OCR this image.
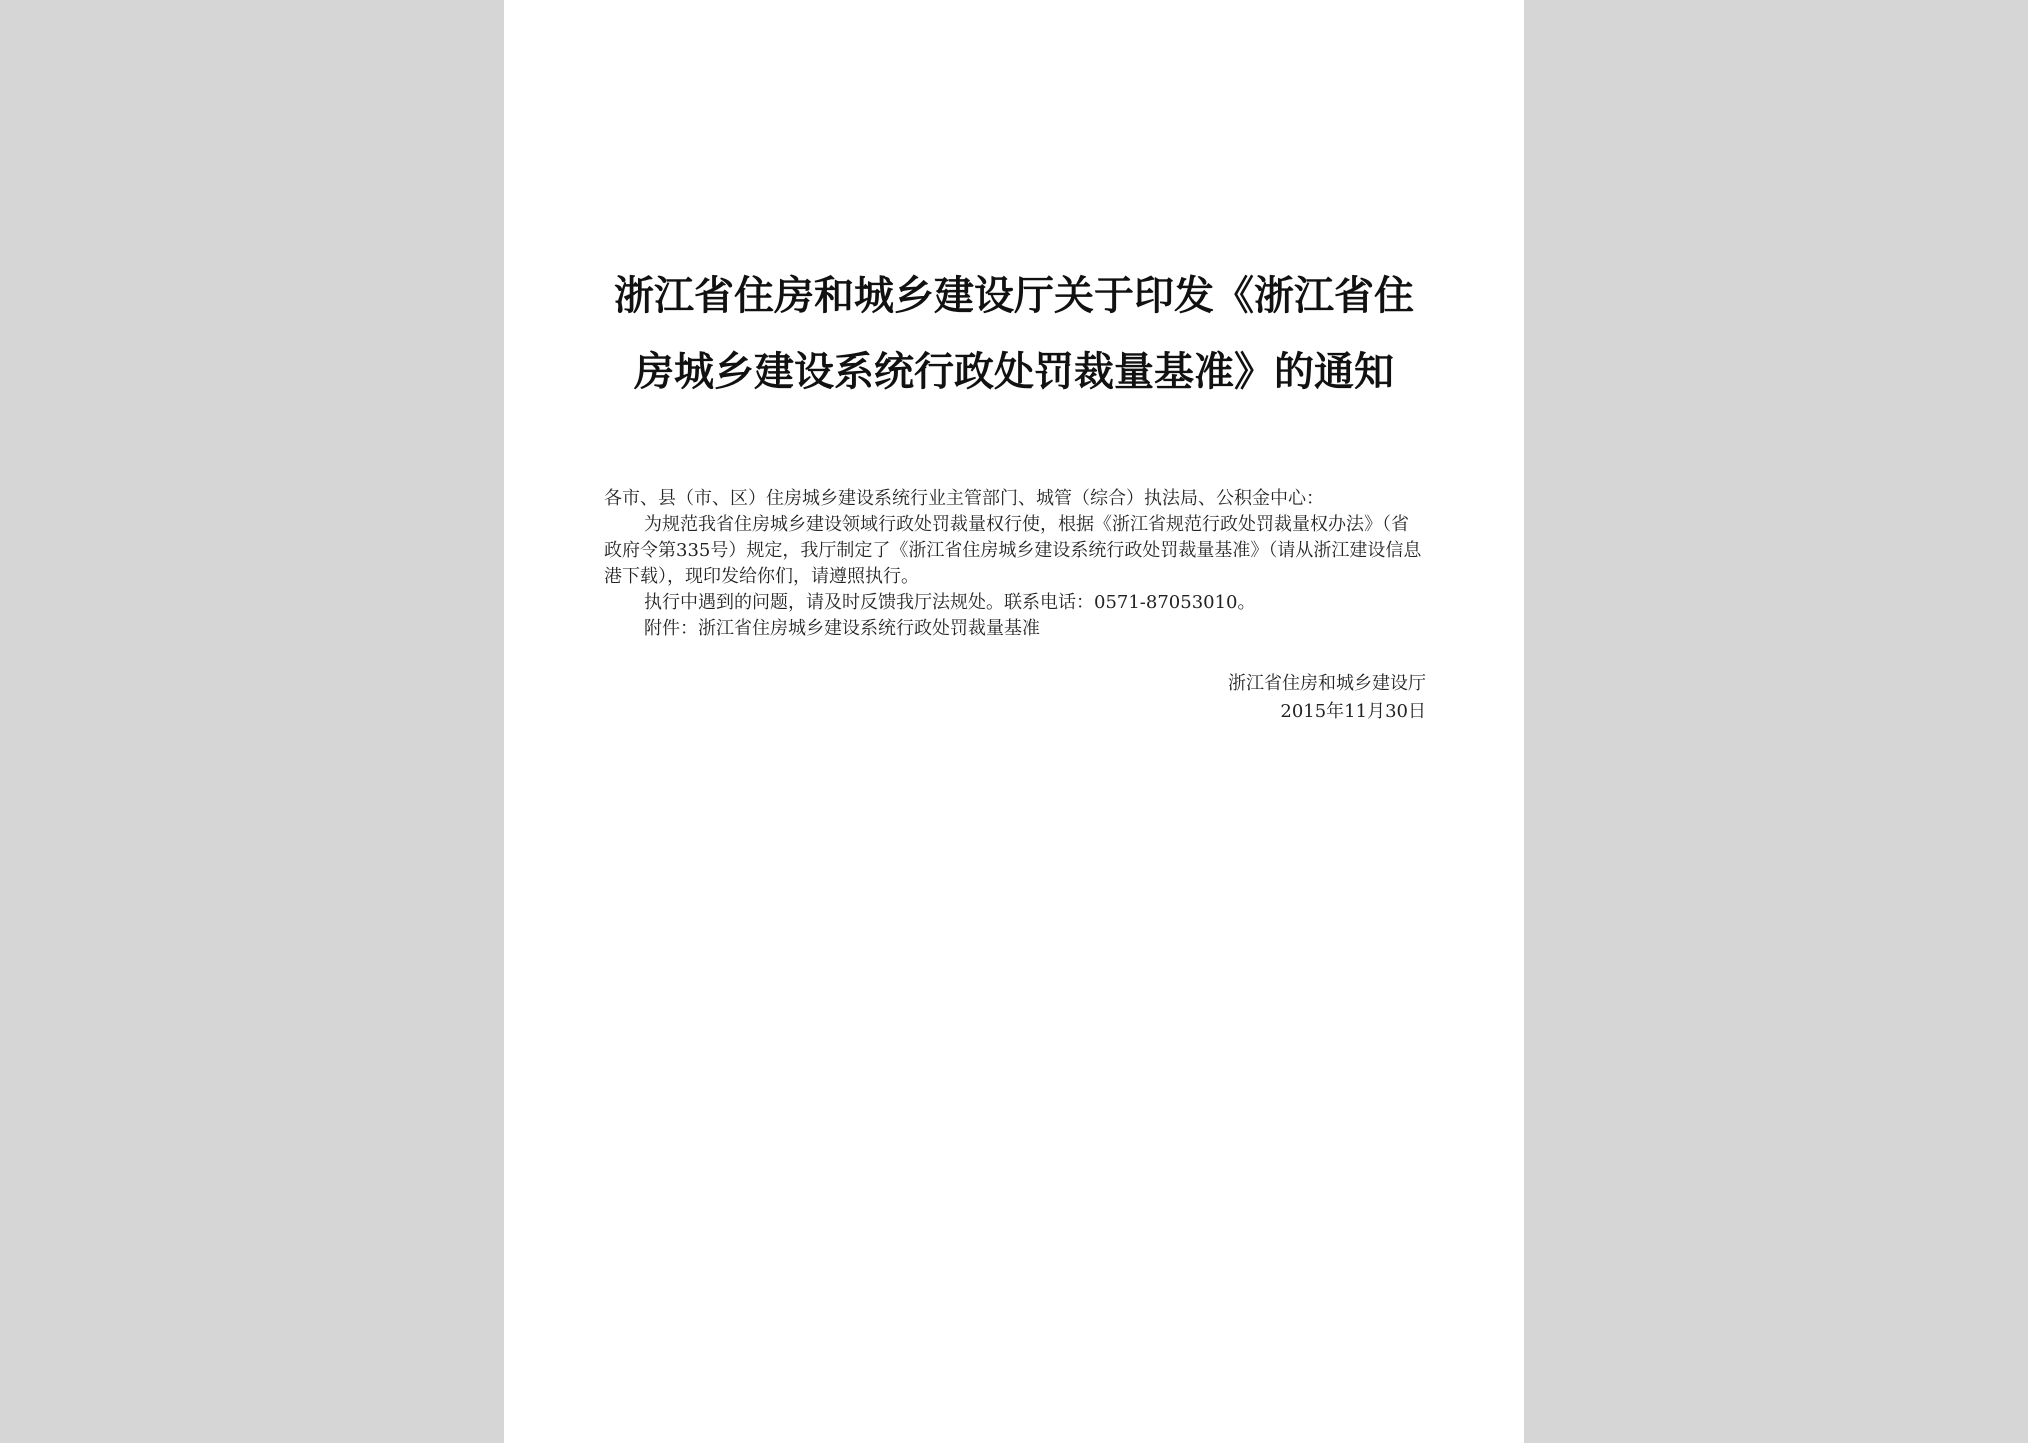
浙江省住房和城乡建设厅关于印发《浙江省住房城乡建设系统行政处罚裁量基准》的通知

各市、县（市、区）住房城乡建设系统行业主管部门、城管（综合）执法局、公积金中心：

为规范我省住房城乡建设领域行政处罚裁量权行使，根据《浙江省规范行政处罚裁量权办法》（省政府令第335号）规定，我厅制定了《浙江省住房城乡建设系统行政处罚裁量基准》（请从浙江建设信息港下载），现印发给你们，请遵照执行。

执行中遇到的问题，请及时反馈我厅法规处。联系电话：0571-87053010。

附件：浙江省住房城乡建设系统行政处罚裁量基准

浙江省住房和城乡建设厅
2015年11月30日
